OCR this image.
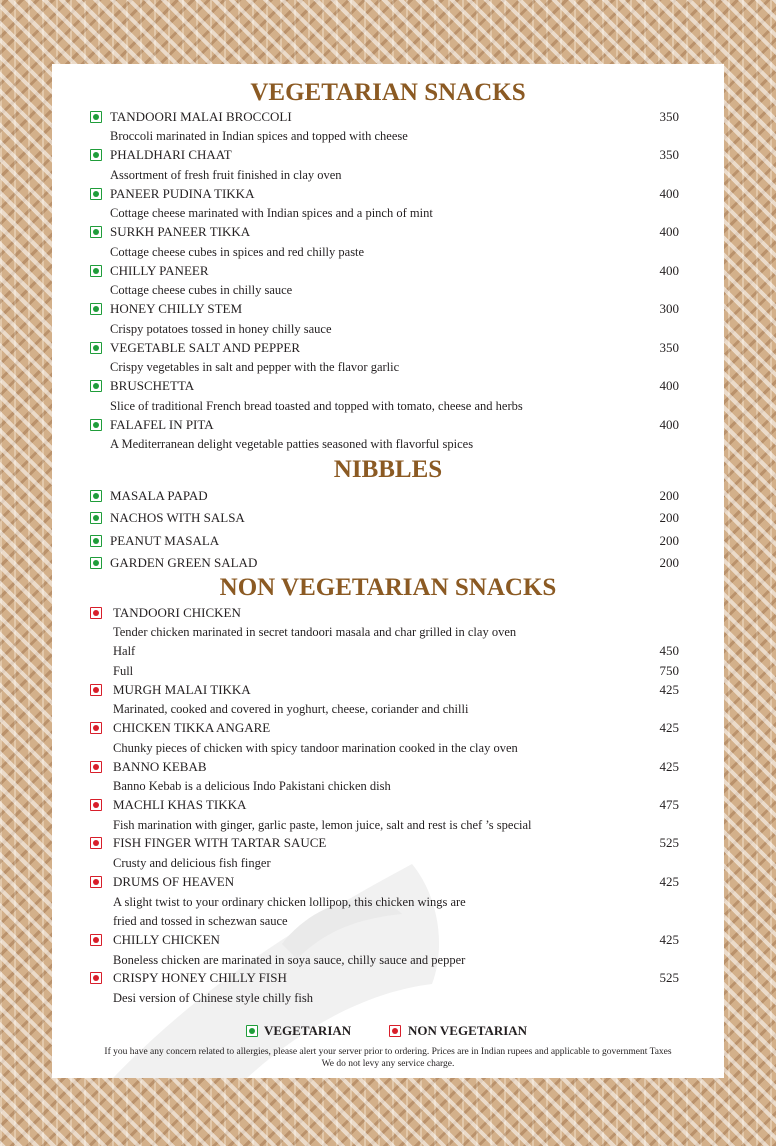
VEGETARIAN SNACKS
TANDOORI MALAI BROCCOLI	350
Broccoli marinated in Indian spices and topped with cheese
PHALDHARI CHAAT	350
Assortment of fresh fruit finished in clay oven
PANEER PUDINA TIKKA	400
Cottage cheese marinated with Indian spices and a pinch of mint
SURKH PANEER TIKKA	400
Cottage cheese cubes in spices and red chilly paste
CHILLY PANEER	400
Cottage cheese cubes in chilly sauce
HONEY CHILLY STEM	300
Crispy potatoes tossed in honey chilly sauce
VEGETABLE SALT AND PEPPER	350
Crispy vegetables in salt and pepper with the flavor garlic
BRUSCHETTA	400
Slice of traditional French bread toasted and topped with tomato, cheese and herbs
FALAFEL IN PITA	400
A Mediterranean delight vegetable patties seasoned with flavorful spices
NIBBLES
MASALA PAPAD	200
NACHOS WITH SALSA	200
PEANUT MASALA	200
GARDEN GREEN SALAD	200
NON VEGETARIAN SNACKS
TANDOORI CHICKEN
Tender chicken marinated in secret tandoori masala and char grilled in clay oven
Half	450
Full	750
MURGH MALAI TIKKA	425
Marinated, cooked and covered in yoghurt, cheese, coriander and chilli
CHICKEN TIKKA ANGARE	425
Chunky pieces of chicken with spicy tandoor marination cooked in the clay oven
BANNO KEBAB	425
Banno Kebab is a delicious Indo Pakistani chicken dish
MACHLI KHAS TIKKA	475
Fish marination with ginger, garlic paste, lemon juice, salt and rest is chef ’s special
FISH FINGER WITH TARTAR SAUCE	525
Crusty and delicious fish finger
DRUMS OF HEAVEN	425
A slight twist to your ordinary chicken lollipop, this chicken wings are
fried and tossed in schezwan sauce
CHILLY CHICKEN	425
Boneless chicken are marinated in soya sauce, chilly sauce and pepper
CRISPY HONEY CHILLY FISH	525
Desi version of Chinese style chilly fish
VEGETARIAN	NON VEGETARIAN
If you have any concern related to allergies, please alert your server prior to ordering. Prices are in Indian rupees and applicable to government Taxes
We do not levy any service charge.
